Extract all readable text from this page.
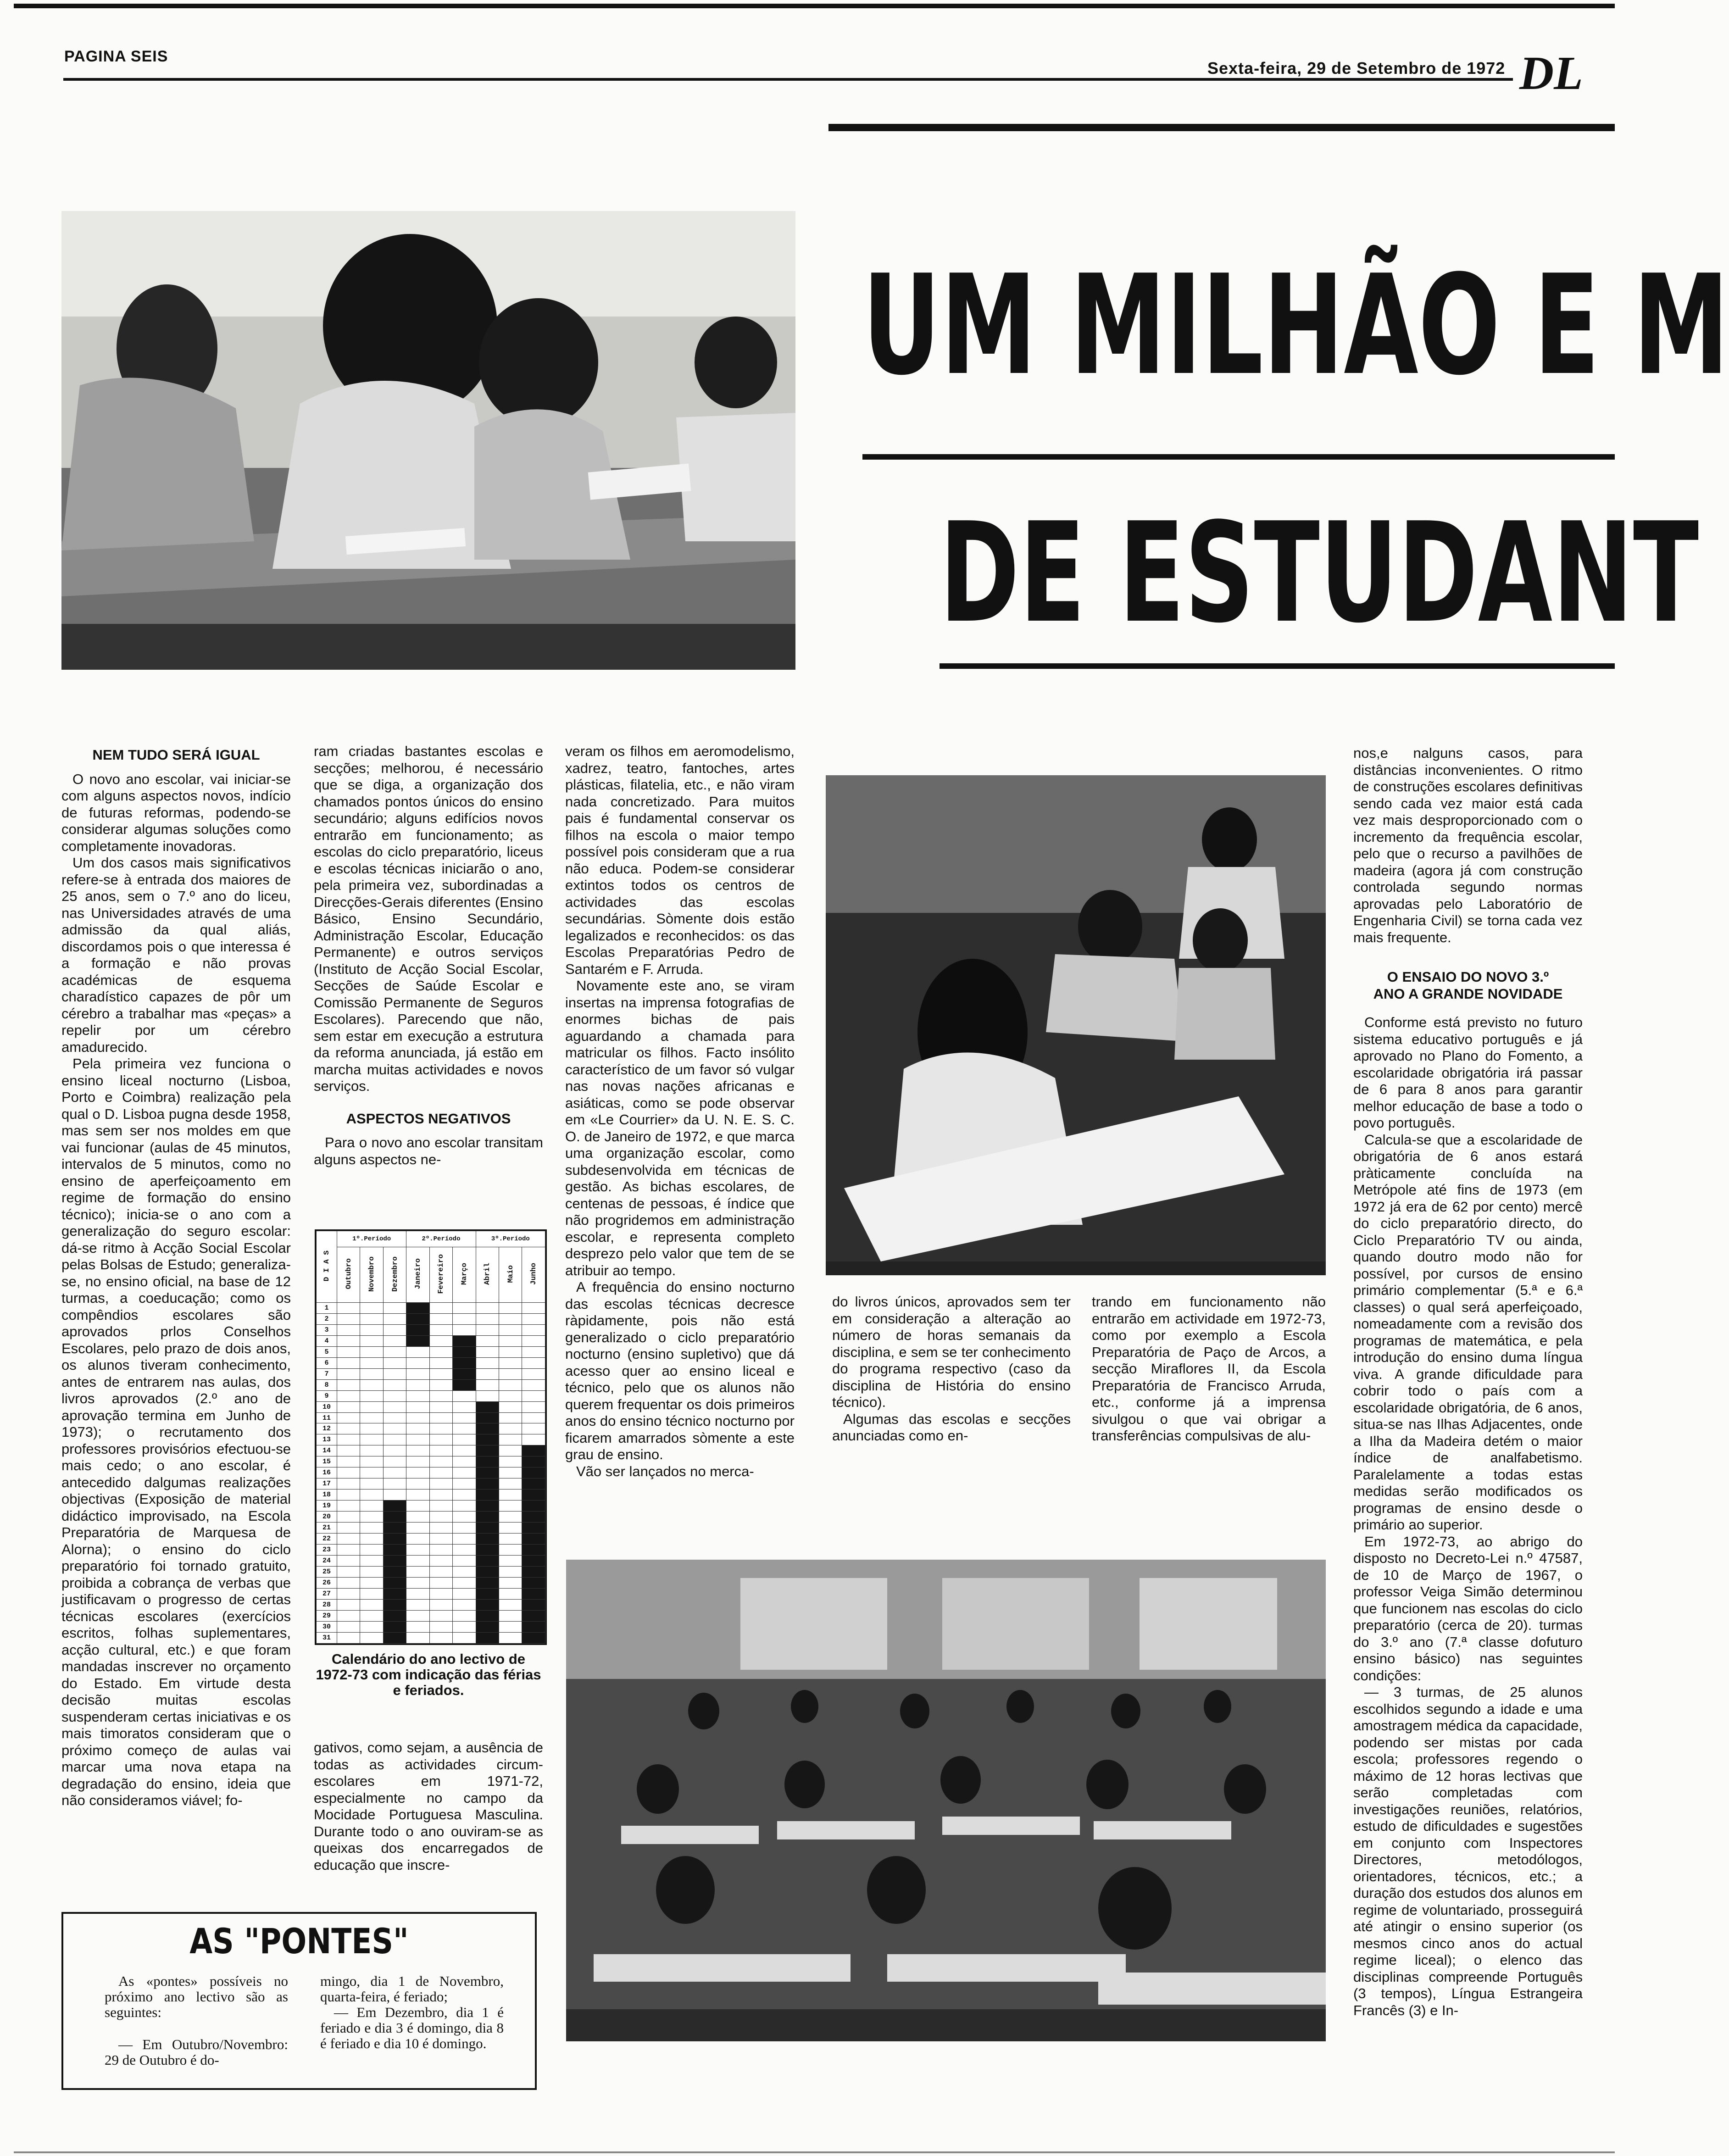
PAGINA SEIS
Sexta-feira, 29 de Setembro de 1972 DL
UM MILHÃO E M
DE ESTUDANT
NEM TUDO SERÁ IGUAL

O novo ano escolar, vai iniciar-se com alguns aspectos novos, indício de futuras reformas, podendo-se considerar algumas soluções como completamente inovadoras.

Um dos casos mais significativos refere-se à entrada dos maiores de 25 anos, sem o 7.º ano do liceu, nas Universidades através de uma admissão da qual aliás, discordamos pois o que interessa é a formação e não provas académicas de esquema charadístico capazes de pôr um cérebro a trabalhar mas «peças» a repelir por um cérebro amadurecido.

Pela primeira vez funciona o ensino liceal nocturno (Lisboa, Porto e Coimbra) realização pela qual o D. Lisboa pugna desde 1958, mas sem ser nos moldes em que vai funcionar (aulas de 45 minutos, intervalos de 5 minutos, como no ensino de aperfeiçoamento em regime de formação do ensino técnico); inicia-se o ano com a generalização do seguro escolar: dá-se ritmo à Acção Social Escolar pelas Bolsas de Estudo; generaliza-se, no ensino oficial, na base de 12 turmas, a coeducação; como os compêndios escolares são aprovados prlos Conselhos Escolares, pelo prazo de dois anos, os alunos tiveram conhecimento, antes de entrarem nas aulas, dos livros aprovados (2.º ano de aprovação termina em Junho de 1973); o recrutamento dos professores provisórios efectuou-se mais cedo; o ano escolar, é antecedido dalgumas realizações objectivas (Exposição de material didáctico improvisado, na Escola Preparatória de Marquesa de Alorna); o ensino do ciclo preparatório foi tornado gratuito, proibida a cobrança de verbas que justificavam o progresso de certas técnicas escolares (exercícios escritos, folhas suplementares, acção cultural, etc.) e que foram mandadas inscrever no orçamento do Estado. Em virtude desta decisão muitas escolas suspenderam certas iniciativas e os mais timoratos consideram que o próximo começo de aulas vai marcar uma nova etapa na degradação do ensino, ideia que não consideramos viável; fo-

ram criadas bastantes escolas e secções; melhorou, é necessário que se diga, a organização dos chamados pontos únicos do ensino secundário; alguns edifícios novos entrarão em funcionamento; as escolas do ciclo preparatório, liceus e escolas técnicas iniciarão o ano, pela primeira vez, subordinadas a Direcções-Gerais diferentes (Ensino Básico, Ensino Secundário, Administração Escolar, Educação Permanente) e outros serviços (Instituto de Acção Social Escolar, Secções de Saúde Escolar e Comissão Permanente de Seguros Escolares). Parecendo que não, sem estar em execução a estrutura da reforma anunciada, já estão em marcha muitas actividades e novos serviços.

ASPECTOS NEGATIVOS

Para o novo ano escolar transitam alguns aspectos ne-

D I A S	1º.Período			2º.Período			3º.Período		
	Outubro	Novembro	Dezembro	Janeiro	Fevereiro	Março	Abril	Maio	Junho
1									
2									
3									
4									
5									
6									
7									
8									
9									
10									
11									
12									
13									
14									
15									
16									
17									
18									
19									
20									
21									
22									
23									
24									
25									
26									
27									
28									
29									
30									
31									
Calendário do ano lectivo de 1972-73 com indicação das férias e feriados.

gativos, como sejam, a ausência de todas as actividades circum-escolares em 1971-72, especialmente no campo da Mocidade Portuguesa Masculina. Durante todo o ano ouviram-se as queixas dos encarregados de educação que inscre-

veram os filhos em aeromodelismo, xadrez, teatro, fantoches, artes plásticas, filatelia, etc., e não viram nada concretizado. Para muitos pais é fundamental conservar os filhos na escola o maior tempo possível pois consideram que a rua não educa. Podem-se considerar extintos todos os centros de actividades das escolas secundárias. Sòmente dois estão legalizados e reconhecidos: os das Escolas Preparatórias Pedro de Santarém e F. Arruda.

Novamente este ano, se viram insertas na imprensa fotografias de enormes bichas de pais aguardando a chamada para matricular os filhos. Facto insólito característico de um favor só vulgar nas novas nações africanas e asiáticas, como se pode observar em «Le Courrier» da U. N. E. S. C. O. de Janeiro de 1972, e que marca uma organização escolar, como subdesenvolvida em técnicas de gestão. As bichas escolares, de centenas de pessoas, é índice que não progridemos em administração escolar, e representa completo desprezo pelo valor que tem de se atribuir ao tempo.

A frequência do ensino nocturno das escolas técnicas decresce ràpidamente, pois não está generalizado o ciclo preparatório nocturno (ensino supletivo) que dá acesso quer ao ensino liceal e técnico, pelo que os alunos não querem frequentar os dois primeiros anos do ensino técnico nocturno por ficarem amarrados sòmente a este grau de ensino.

Vão ser lançados no merca-

do livros únicos, aprovados sem ter em consideração a alteração ao número de horas semanais da disciplina, e sem se ter conhecimento do programa respectivo (caso da disciplina de História do ensino técnico).

Algumas das escolas e secções anunciadas como en-

trando em funcionamento não entrarão em actividade em 1972-73, como por exemplo a Escola Preparatória de Paço de Arcos, a secção Miraflores II, da Escola Preparatória de Francisco Arruda, etc., conforme já a imprensa sivulgou o que vai obrigar a transferências compulsivas de alu-

nos,e nalguns casos, para distâncias inconvenientes. O ritmo de construções escolares definitivas sendo cada vez maior está cada vez mais desproporcionado com o incremento da frequência escolar, pelo que o recurso a pavilhões de madeira (agora já com construção controlada segundo normas aprovadas pelo Laboratório de Engenharia Civil) se torna cada vez mais frequente.

O ENSAIO DO NOVO 3.º ANO A GRANDE NOVIDADE

Conforme está previsto no futuro sistema educativo português e já aprovado no Plano do Fomento, a escolaridade obrigatória irá passar de 6 para 8 anos para garantir melhor educação de base a todo o povo português.

Calcula-se que a escolaridade de obrigatória de 6 anos estará pràticamente concluída na Metrópole até fins de 1973 (em 1972 já era de 62 por cento) mercê do ciclo preparatório directo, do Ciclo Preparatório TV ou ainda, quando doutro modo não for possível, por cursos de ensino primário complementar (5.ª e 6.ª classes) o qual será aperfeiçoado, nomeadamente com a revisão dos programas de matemática, e pela introdução do ensino duma língua viva. A grande dificuldade para cobrir todo o país com a escolaridade obrigatória, de 6 anos, situa-se nas Ilhas Adjacentes, onde a Ilha da Madeira detém o maior índice de analfabetismo. Paralelamente a todas estas medidas serão modificados os programas de ensino desde o primário ao superior.

Em 1972-73, ao abrigo do disposto no Decreto-Lei n.º 47587, de 10 de Março de 1967, o professor Veiga Simão determinou que funcionem nas escolas do ciclo preparatório (cerca de 20). turmas do 3.º ano (7.ª classe dofuturo ensino básico) nas seguintes condições:

— 3 turmas, de 25 alunos escolhidos segundo a idade e uma amostragem médica da capacidade, podendo ser mistas por cada escola; professores regendo o máximo de 12 horas lectivas que serão completadas com investigações reuniões, relatórios, estudo de dificuldades e sugestões em conjunto com Inspectores Directores, metodólogos, orientadores, técnicos, etc.; a duração dos estudos dos alunos em regime de voluntariado, prosseguirá até atingir o ensino superior (os mesmos cinco anos do actual regime liceal); o elenco das disciplinas compreende Português (3 tempos), Língua Estrangeira Francês (3) e In-

AS "PONTES"
As «pontes» possíveis no próximo ano lectivo são as seguintes:
— Em Outubro/Novembro: 29 de Outubro é do-
mingo, dia 1 de Novembro, quarta-feira, é feriado;
— Em Dezembro, dia 1 é feriado e dia 3 é domingo, dia 8 é feriado e dia 10 é domingo.
